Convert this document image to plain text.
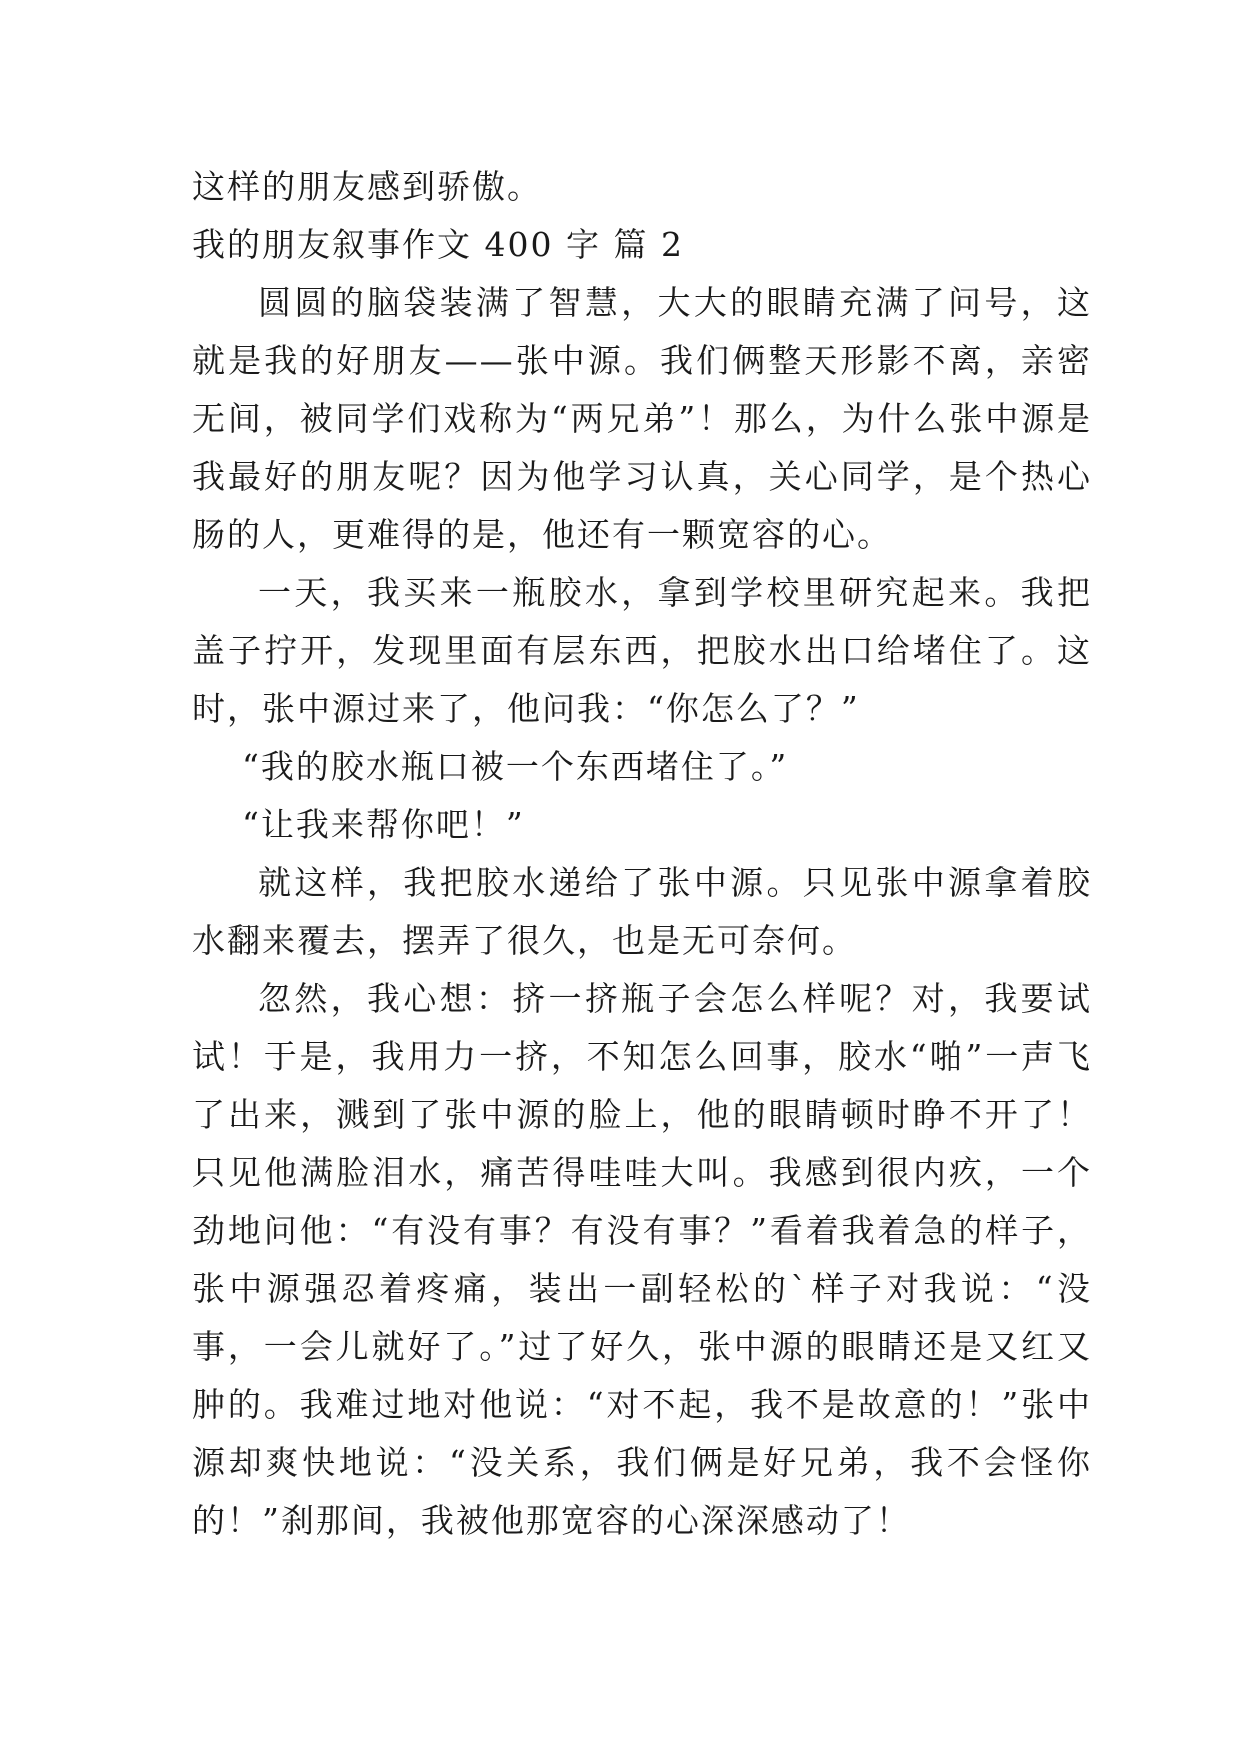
这样的朋友感到骄傲。

我的朋友叙事作文 400 字 篇 2

圆圆的脑袋装满了智慧，大大的眼睛充满了问号，这就是我的好朋友——张中源。我们俩整天形影不离，亲密无间，被同学们戏称为“两兄弟”！那么，为什么张中源是我最好的朋友呢？因为他学习认真，关心同学，是个热心肠的人，更难得的是，他还有一颗宽容的心。

一天，我买来一瓶胶水，拿到学校里研究起来。我把盖子拧开，发现里面有层东西，把胶水出口给堵住了。这时，张中源过来了，他问我：“你怎么了？”

“我的胶水瓶口被一个东西堵住了。”

“让我来帮你吧！”

就这样，我把胶水递给了张中源。只见张中源拿着胶水翻来覆去，摆弄了很久，也是无可奈何。

忽然，我心想：挤一挤瓶子会怎么样呢？对，我要试试！于是，我用力一挤，不知怎么回事，胶水“啪”一声飞了出来，溅到了张中源的脸上，他的眼睛顿时睁不开了！只见他满脸泪水，痛苦得哇哇大叫。我感到很内疚，一个劲地问他：“有没有事？有没有事？”看着我着急的样子，张中源强忍着疼痛，装出一副轻松的`样子对我说：“没事，一会儿就好了。”过了好久，张中源的眼睛还是又红又肿的。我难过地对他说：“对不起，我不是故意的！”张中源却爽快地说：“没关系，我们俩是好兄弟，我不会怪你的！”刹那间，我被他那宽容的心深深感动了！
